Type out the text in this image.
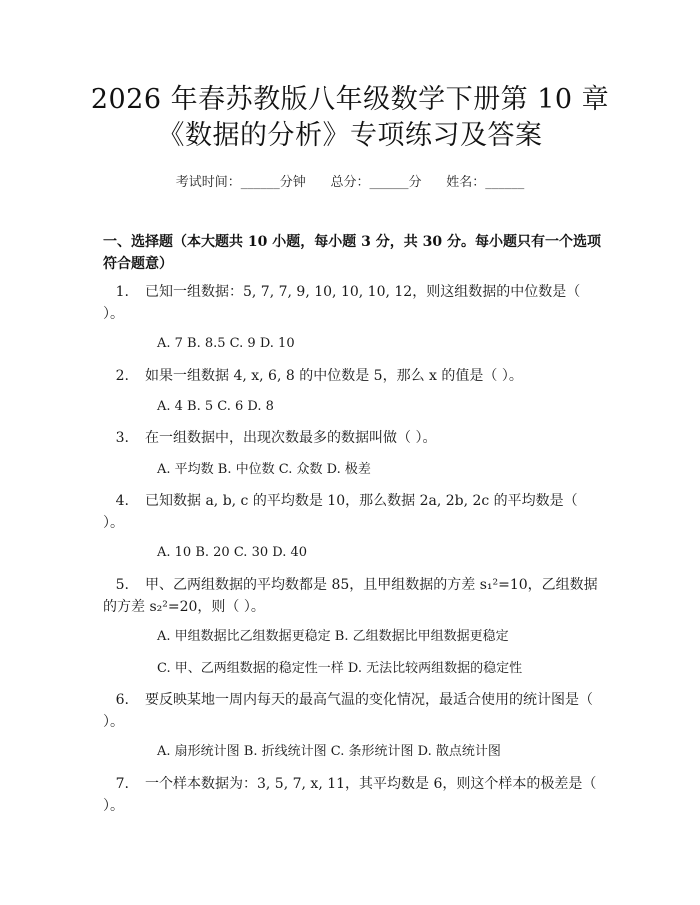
2026 年春苏教版八年级数学下册第 10 章
《数据的分析》专项练习及答案
考试时间：______分钟      总分：______分      姓名：______
一、选择题（本大题共 10 小题，每小题 3 分，共 30 分。每小题只有一个选项符合题意）
1. 已知一组数据：5, 7, 7, 9, 10, 10, 10, 12，则这组数据的中位数是（ ）。
A. 7 B. 8.5 C. 9 D. 10
2. 如果一组数据 4, x, 6, 8 的中位数是 5，那么 x 的值是（ ）。
A. 4 B. 5 C. 6 D. 8
3. 在一组数据中，出现次数最多的数据叫做（ ）。
A. 平均数 B. 中位数 C. 众数 D. 极差
4. 已知数据 a, b, c 的平均数是 10，那么数据 2a, 2b, 2c 的平均数是（ ）。
A. 10 B. 20 C. 30 D. 40
5. 甲、乙两组数据的平均数都是 85，且甲组数据的方差 s₁²=10，乙组数据的方差 s₂²=20，则（ ）。
A. 甲组数据比乙组数据更稳定 B. 乙组数据比甲组数据更稳定
C. 甲、乙两组数据的稳定性一样 D. 无法比较两组数据的稳定性
6. 要反映某地一周内每天的最高气温的变化情况，最适合使用的统计图是（ ）。
A. 扇形统计图 B. 折线统计图 C. 条形统计图 D. 散点统计图
7. 一个样本数据为：3, 5, 7, x, 11，其平均数是 6，则这个样本的极差是（ ）。
